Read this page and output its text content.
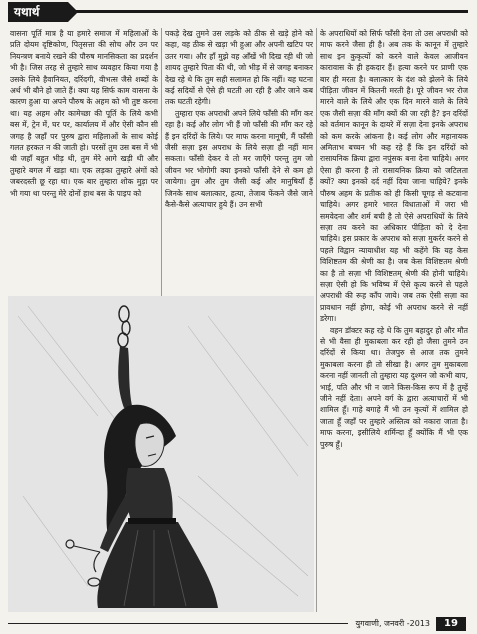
यथार्थ

वासना पूर्ति मात्र है या हमारे समाज में महिलाओं के प्रति दोयम दृष्टिकोण, पितृसत्ता की सोच और उन पर नियन्त्रण बनाये रखने की पौरुष मानसिकता का प्रदर्शन भी है। जिस तरह से तुम्हारे साथ व्यवहार किया गया है उसके लिये हैवानियत, दरिंदगी, वीभत्स जैसे शब्दों के अर्थ भी बौने हो जाते हैं। क्या यह सिर्फ काम वासना के कारण हुआ या अपने पौरुष के अहम को भी तुष्ट करना था। यह अहम और कामेच्छा की पूर्ति के लिये कभी बस में, ट्रेन में, घर पर, कार्यालय में और ऐसी कौन सी जगह है जहाँ पर पुरुष द्वारा महिलाओं के साथ कोई गलत हरकत न की जाती हो। परसों तुम उस बस में भी थी जहाँ बहुत भीड़ थी, तुम मेरे आगे खड़ी थी और तुम्हारे बगल में खड़ा था। एक लड़का तुम्हारे अंगों को जबरदस्ती छू रहा था। एक बार तुम्हारा शोक मुड़ा पर भी गया था परन्तु मेरे दोनों हाथ बस के पाइप को

पकड़े देख तुमने उस लड़के को ठीक से खड़े होने को कहा, वह ठीक से खड़ा भी हुआ और अपनी खटिप पर उतर गया। और हाँ मुझे वह आँखें भी दिख रही थी जो शायद तुम्हारे पिता की थी, जो भीड़ में से जगह बनाकर देख रहे थे कि तुम सही सलामत हो कि नहीं। यह घटना कई सदियों से ऐसे ही घटती आ रही है और जाने कब तक घटती रहेगी।

तुम्हारा एक अपराधी अपने लिये फाँसी की माँग कर रहा है। कई और लोग भी हैं जो फाँसी की माँग कर रहे हैं इन दरिंदों के लिये। पर माफ करना मानूषी, मैं फाँसी जैसी सज़ा इस अपराध के लिये सज़ा ही नहीं मान सकता। फाँसी देकर वे तो मर जाएँगे परन्तु तुम जो जीवन भर भोगोगी क्या इनको फाँसी देने से कम हो जायेगा। तुम और तुम जैसी कई और मानुषियाँ हैं जिनके साथ बलात्कार, हत्या, तेजाब फेंकने जैसे जाने कैसे-कैसे अत्याचार हुये हैं। उन सभी

के अपराधियों को सिर्फ फाँसी देना तो उस अपराधी को माफ करने जैसा ही है। अब तक के कानून में तुम्हारे साथ इन कुकृत्यों को करने वाले केवल आजीवन कारावास के ही हकदार हैं। हत्या करने पर प्राणी एक बार ही मरता है। बलात्कार के दंश को झेलने के लिये पीड़िता जीवन में कितनी मरती है। पूरे जीवन भर रोज मारने वाले के लिये और एक दिन मारने वाले के लिये एक जैसी सज़ा की माँग क्यों की जा रही है? इन दरिंदों को वर्तमान कानून के दायरे में सज़ा देना इनके अपराध को कम करके आंकना है। कई लोग और महानायक अमिताभ बच्चन भी कह रहे हैं कि इन दरिंदों को रासायनिक क्रिया द्वारा नपुंसक बना देना चाहिये। अगर ऐसा ही करना है तो रासायनिक क्रिया को जटिलता क्यों? क्या इनको दर्द नहीं दिया जाना चाहिये? इनके पौरुष अहम के प्रतीक को ही किसी चूगड़ से कटवाना चाहिये। अगर हमारे भारत विधाताओं में जरा भी समवेदना और शर्म बची है तो ऐसे अपराधियों के लिये सज़ा तय करने का अधिकार पीड़िता को दे देना चाहिये। इस प्रकार के अपराध को सज़ा मुकर्रर करने से पहले विद्वान न्यायाधीश यह भी कहेंगे कि यह केस विशिष्टतम की श्रेणी का है। जब केस विशिष्टतम श्रेणी का है तो सज़ा भी विशिष्टतम् श्रेणी की होनी चाहिये। सज़ा ऐसी हो कि भविष्य में ऐसे कृत्य करने से पहले अपराधी की रूह काँप जाये। जब तक ऐसी सज़ा का प्रावधान नहीं होगा, कोई भी अपराध करने से नहीं डरेगा।

वहन डॉक्टर कह रहे थे कि तुम बहादुर हो और मौत से भी वैसा ही मुकाबला कर रही हो जैसा तुमने उन दरिंदों से किया था। तेजपुरु से आज तक तुमने मुकाबला करना ही तो सीखा है। अगर तुम मुकाबला करना नहीं जानती तो तुम्हारा यह दुश्मन जो कभी बाप, भाई, पति और भी न जाने किस-किस रूप में है तुम्हें जीने नहीं देता। अपने वर्ग के द्वारा अत्याचारों में भी शामिल हूँ। गाहे बगाहे मैं भी उन कृत्यों में शामिल हो जाता हूँ जहाँ पर तुम्हारे अस्तित्व को नकारा जाता है। माफ करना, इसीलिये शर्मिन्दा हूँ क्योंकि मैं भी एक पुरुष हूँ।

युगवाणी, जनवरी -2013	19
